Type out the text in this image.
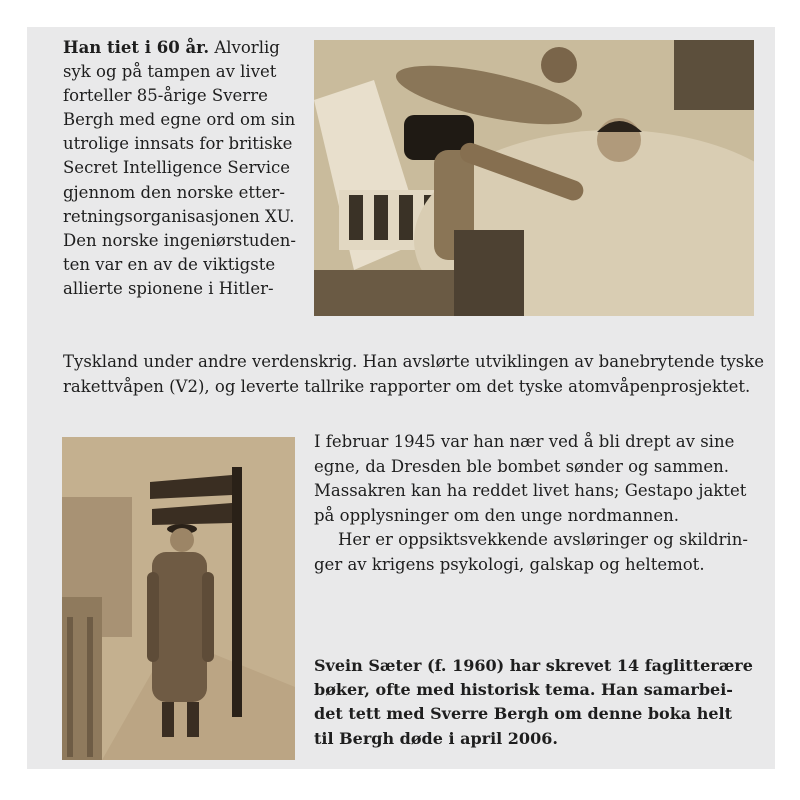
Han tiet i 60 år. Alvorlig
syk og på tampen av livet
forteller 85-årige Sverre
Bergh med egne ord om sin
utrolige innsats for britiske
Secret Intelligence Service
gjennom den norske etter-
retningsorganisasjonen XU.
Den norske ingeniørstuden-
ten var en av de viktigste
allierte spionene i Hitler-
Tyskland under andre verdenskrig. Han avslørte utviklingen av banebrytende tyske
rakettvåpen (V2), og leverte tallrike rapporter om det tyske atomvåpenprosjektet.
I februar 1945 var han nær ved å bli drept av sine
egne, da Dresden ble bombet sønder og sammen.
Massakren kan ha reddet livet hans; Gestapo jaktet
på opplysninger om den unge nordmannen.
Her er oppsiktsvekkende avsløringer og skildrin-
ger av krigens psykologi, galskap og heltemot.
Svein Sæter (f. 1960) har skrevet 14 faglitterære
bøker, ofte med historisk tema. Han samarbei-
det tett med Sverre Bergh om denne boka helt
til Bergh døde i april 2006.
